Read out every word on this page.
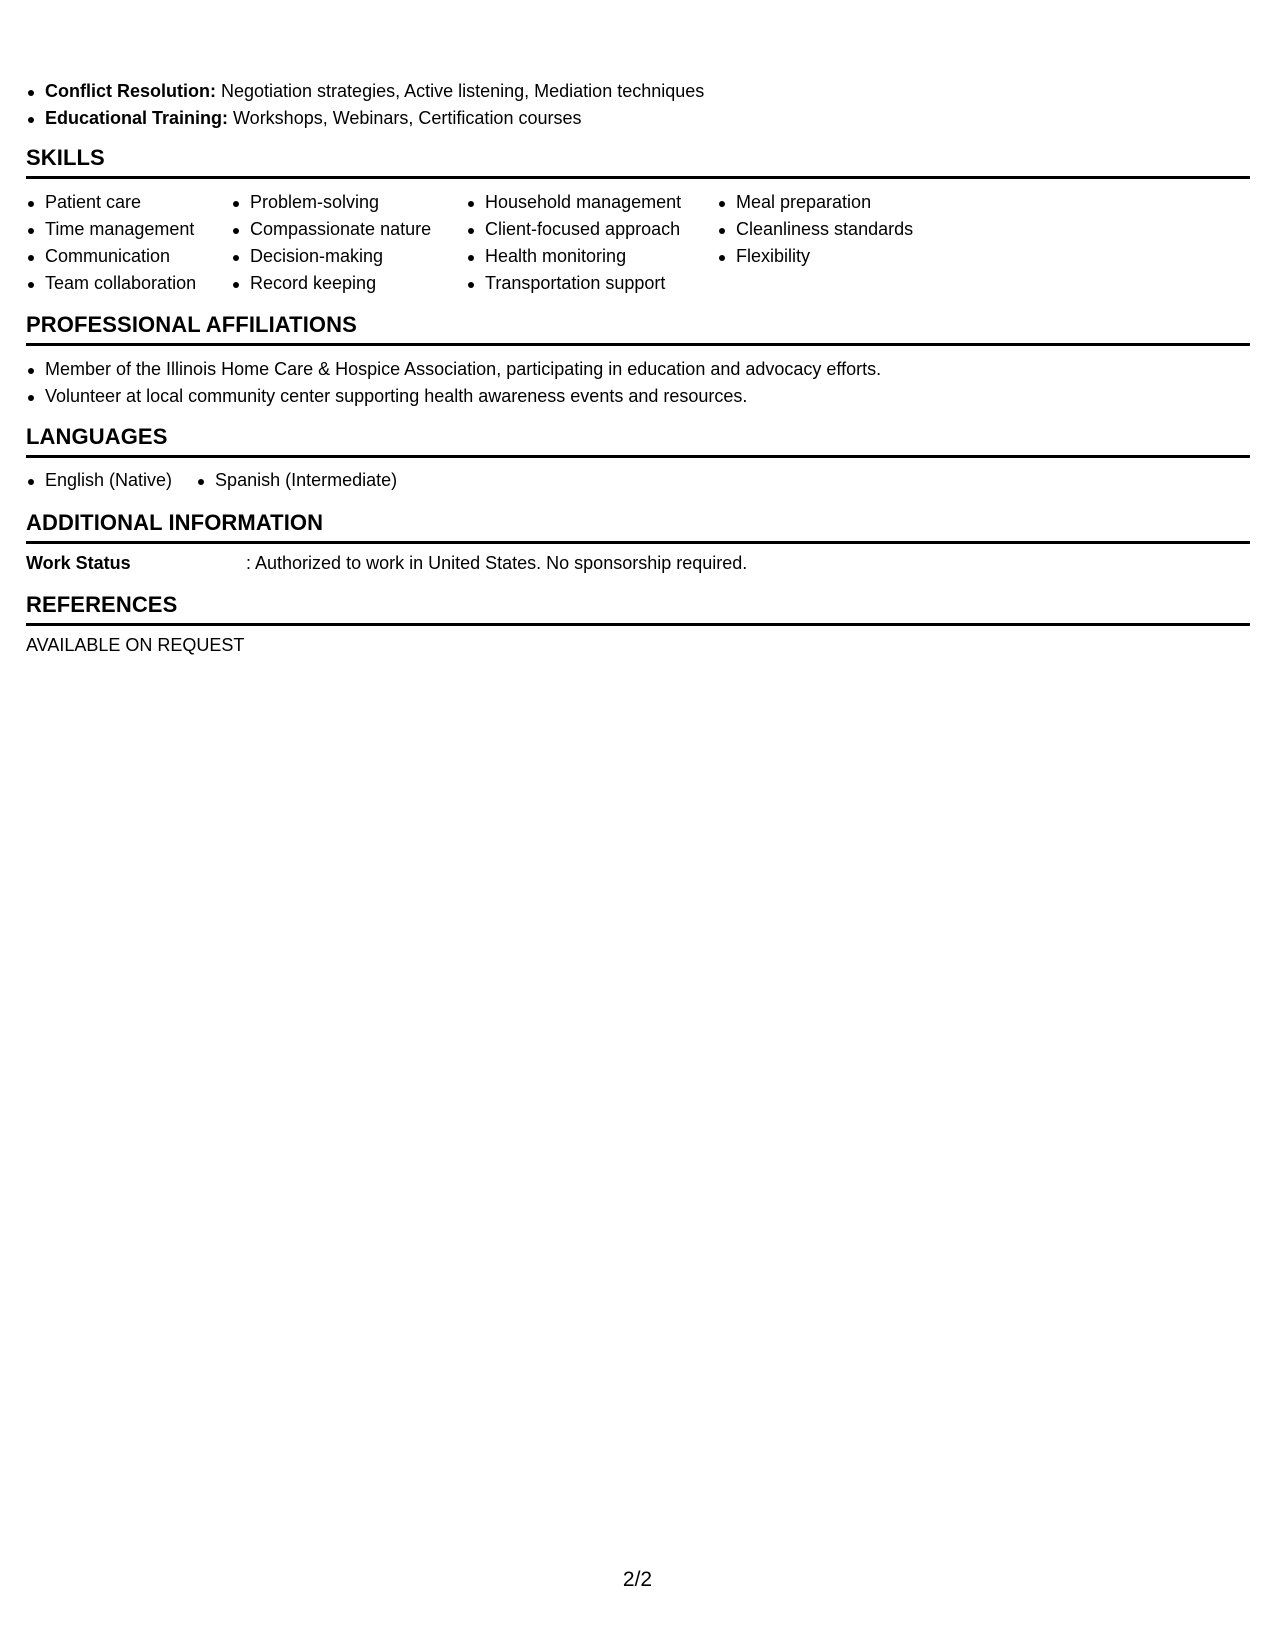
Conflict Resolution: Negotiation strategies, Active listening, Mediation techniques
Educational Training: Workshops, Webinars, Certification courses
SKILLS
Patient care
Time management
Communication
Team collaboration
Problem-solving
Compassionate nature
Decision-making
Record keeping
Household management
Client-focused approach
Health monitoring
Transportation support
Meal preparation
Cleanliness standards
Flexibility
PROFESSIONAL AFFILIATIONS
Member of the Illinois Home Care & Hospice Association, participating in education and advocacy efforts.
Volunteer at local community center supporting health awareness events and resources.
LANGUAGES
English (Native)	Spanish (Intermediate)
ADDITIONAL INFORMATION
Work Status	: Authorized to work in United States. No sponsorship required.
REFERENCES
AVAILABLE ON REQUEST
2/2
